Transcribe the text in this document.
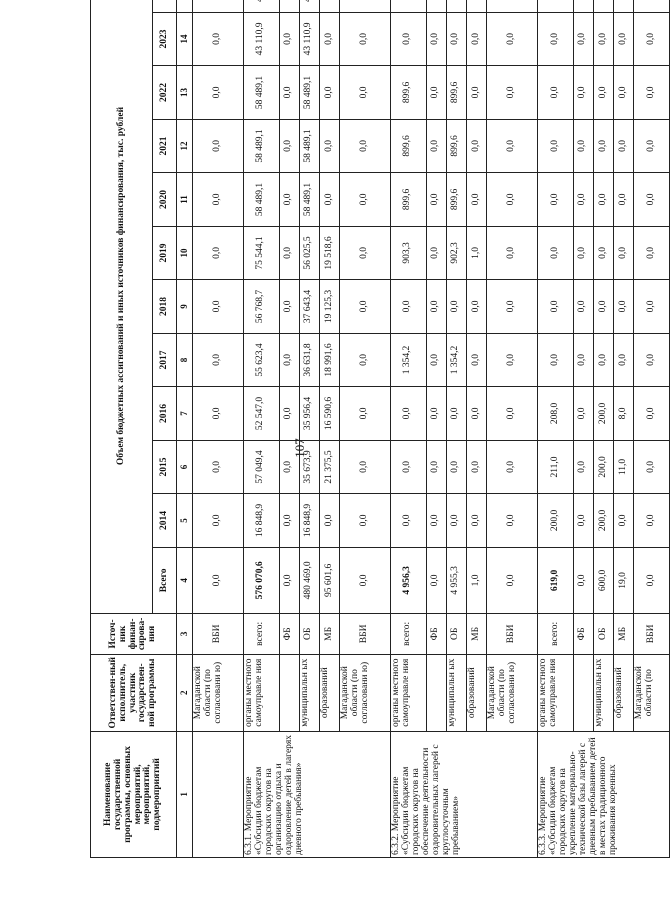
107
Наименование государственной программы, основных мероприятий, мероприятий, подмероприятий	Ответствен-ный исполнитель, участник государствен-ной программы	Источ-ник финан-сирова-ния	Объем бюджетных ассигнований и иных источников финансирования, тыс. рублей											
			Всего	2014	2015	2016	2017	2018	2019	2020	2021	2022	2023	
1	2	3	4	5	6	7	8	9	10	11	12	13	14	
	Магаданской области (по согласовани ю)	ВБИ	0,0	0,0	0,0	0,0	0,0	0,0	0,0	0,0	0,0	0,0	0,0	
6.3.1. Мероприятие «Субсидии бюджетам городских округов на организацию отдыха и оздоровление детей в лагерях дневного пребывания»	органы местного самоуправле ния	всего:	576 070,6	16 848,9	57 049,4	52 547,0	55 623,4	56 768,7	75 544,1	58 489,1	58 489,1	58 489,1	43 110,9	
		ФБ	0,0	0,0	0,0	0,0	0,0	0,0	0,0	0,0	0,0	0,0	0,0	
	муниципальн ых	ОБ	480 469,0	16 848,9	35 673,9	35 956,4	36 631,8	37 643,4	56 025,5	58 489,1	58 489,1	58 489,1	43 110,9	
	образований	МБ	95 601,6	0,0	21 375,5	16 590,6	18 991,6	19 125,3	19 518,6	0,0	0,0	0,0	0,0	
	Магаданской области (по согласовани ю)	ВБИ	0,0	0,0	0,0	0,0	0,0	0,0	0,0	0,0	0,0	0,0	0,0	
6.3.2. Мероприятие «Субсидии бюджетам городских округов на обеспечение деятельности оздоровительных лагерей с круглосуточным пребыванием»	органы местного самоуправле ния	всего:	4 956,3	0,0	0,0	0,0	1 354,2	0,0	903,3	899,6	899,6	899,6	0,0	
		ФБ	0,0	0,0	0,0	0,0	0,0	0,0	0,0	0,0	0,0	0,0	0,0	
	муниципальн ых	ОБ	4 955,3	0,0	0,0	0,0	1 354,2	0,0	902,3	899,6	899,6	899,6	0,0	
	образований	МБ	1,0	0,0	0,0	0,0	0,0	0,0	1,0	0,0	0,0	0,0	0,0	
	Магаданской области (по согласовани ю)	ВБИ	0,0	0,0	0,0	0,0	0,0	0,0	0,0	0,0	0,0	0,0	0,0	
6.3.3. Мероприятие «Субсидии бюджетам городских округов на укрепление материально-технической базы лагерей с дневным пребыванием детей в местах традиционного проживания коренных	органы местного самоуправле ния	всего:	619,0	200,0	211,0	208,0	0,0	0,0	0,0	0,0	0,0	0,0	0,0	
		ФБ	0,0	0,0	0,0	0,0	0,0	0,0	0,0	0,0	0,0	0,0	0,0	
	муниципальн ых	ОБ	600,0	200,0	200,0	200,0	0,0	0,0	0,0	0,0	0,0	0,0	0,0	
	образований	МБ	19,0	0,0	11,0	8,0	0,0	0,0	0,0	0,0	0,0	0,0	0,0	
	Магаданской области (по	ВБИ	0,0	0,0	0,0	0,0	0,0	0,0	0,0	0,0	0,0	0,0	0,0	
